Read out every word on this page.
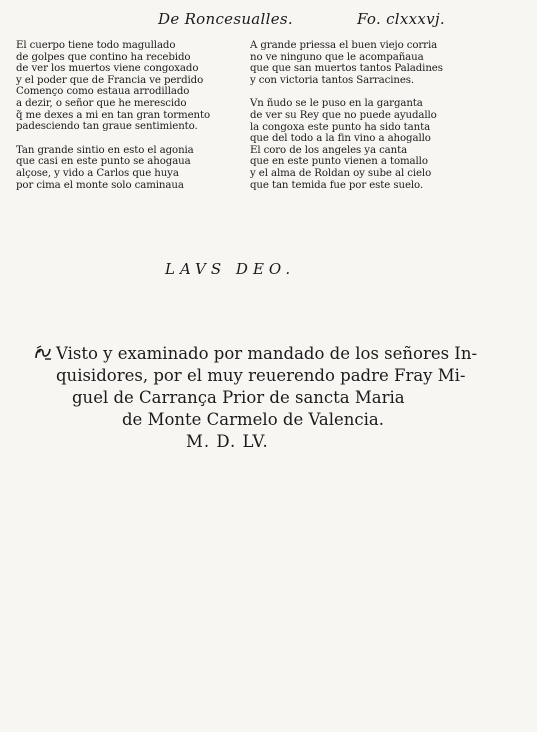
De Roncesualles.	Fo. clxxxvj.
El cuerpo tiene todo magullado
de golpes que contino ha recebido
de ver los muertos viene congoxado
y el poder que de Francia ve perdido
Començo como estaua arrodillado
a dezir, o señor que he merescido
q̃ me dexes a mi en tan gran tormento
padesciendo tan graue sentimiento.
Tan grande sintio en esto el agonia
que casi en este punto se ahogaua
alçose, y vido a Carlos que huya
por cima el monte solo caminaua
A grande priessa el buen viejo corria
no ve ninguno que le acompañaua
que que san muertos tantos Paladines
y con victoria tantos Sarracines.
Vn ñudo se le puso en la garganta
de ver su Rey que no puede ayudallo
la congoxa este punto ha sido tanta
que del todo a la fin vino a ahogallo
El coro de los angeles ya canta
que en este punto vienen a tomallo
y el alma de Roldan oy sube al cielo
que tan temida fue por este suelo.
LAVS DEO.
Visto y examinado por mandado de los señores In-
quisidores, por el muy reuerendo padre Fray Mi-
guel de Carrança Prior de sancta Maria
de Monte Carmelo de Valencia.
M. D. LV.
